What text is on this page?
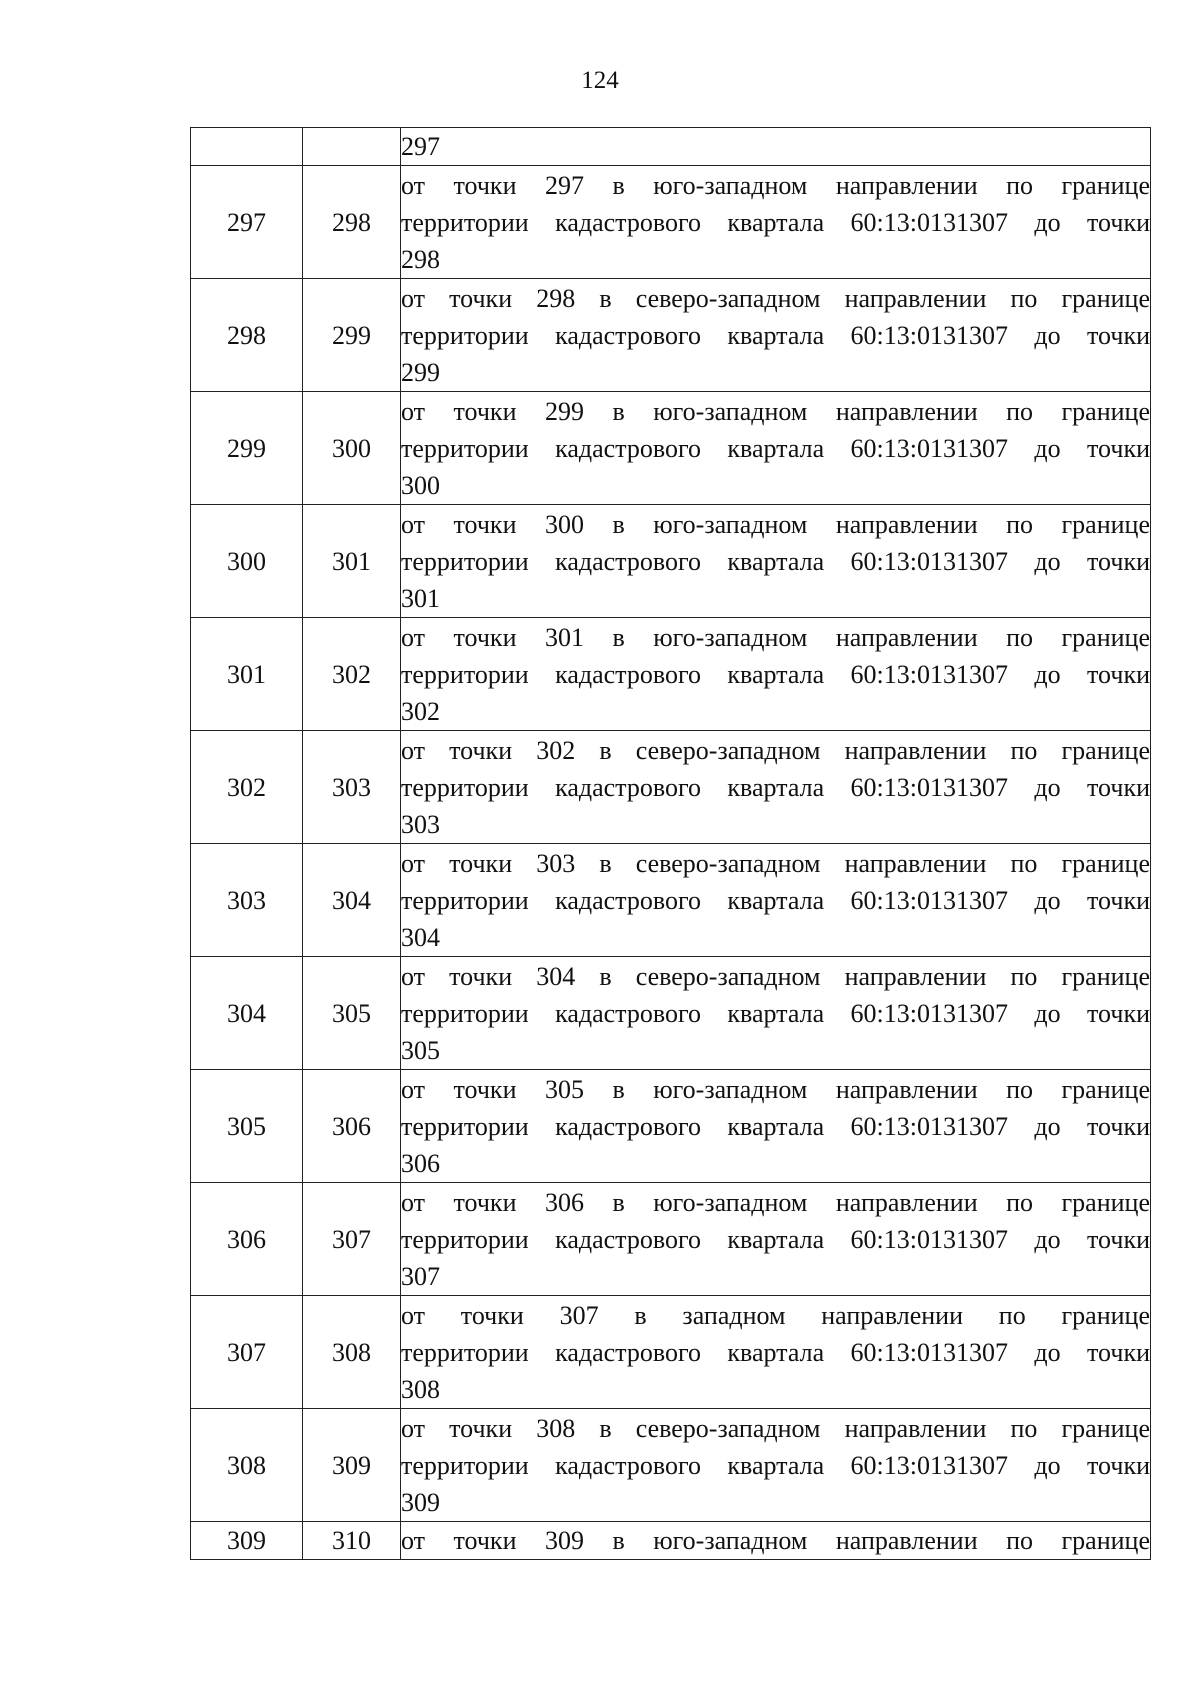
124

		297

297	298	от точки 297 в юго-западном направлении по границе
территории кадастрового квартала 60:13:0131307 до точки
298

298	299	от точки 298 в северо-западном направлении по границе
территории кадастрового квартала 60:13:0131307 до точки
299

299	300	от точки 299 в юго-западном направлении по границе
территории кадастрового квартала 60:13:0131307 до точки
300

300	301	от точки 300 в юго-западном направлении по границе
территории кадастрового квартала 60:13:0131307 до точки
301

301	302	от точки 301 в юго-западном направлении по границе
территории кадастрового квартала 60:13:0131307 до точки
302

302	303	от точки 302 в северо-западном направлении по границе
территории кадастрового квартала 60:13:0131307 до точки
303

303	304	от точки 303 в северо-западном направлении по границе
территории кадастрового квартала 60:13:0131307 до точки
304

304	305	от точки 304 в северо-западном направлении по границе
территории кадастрового квартала 60:13:0131307 до точки
305

305	306	от точки 305 в юго-западном направлении по границе
территории кадастрового квартала 60:13:0131307 до точки
306

306	307	от точки 306 в юго-западном направлении по границе
территории кадастрового квартала 60:13:0131307 до точки
307

307	308	от точки 307 в западном направлении по границе
территории кадастрового квартала 60:13:0131307 до точки
308

308	309	от точки 308 в северо-западном направлении по границе
территории кадастрового квартала 60:13:0131307 до точки
309

309	310	от точки 309 в юго-западном направлении по границе
